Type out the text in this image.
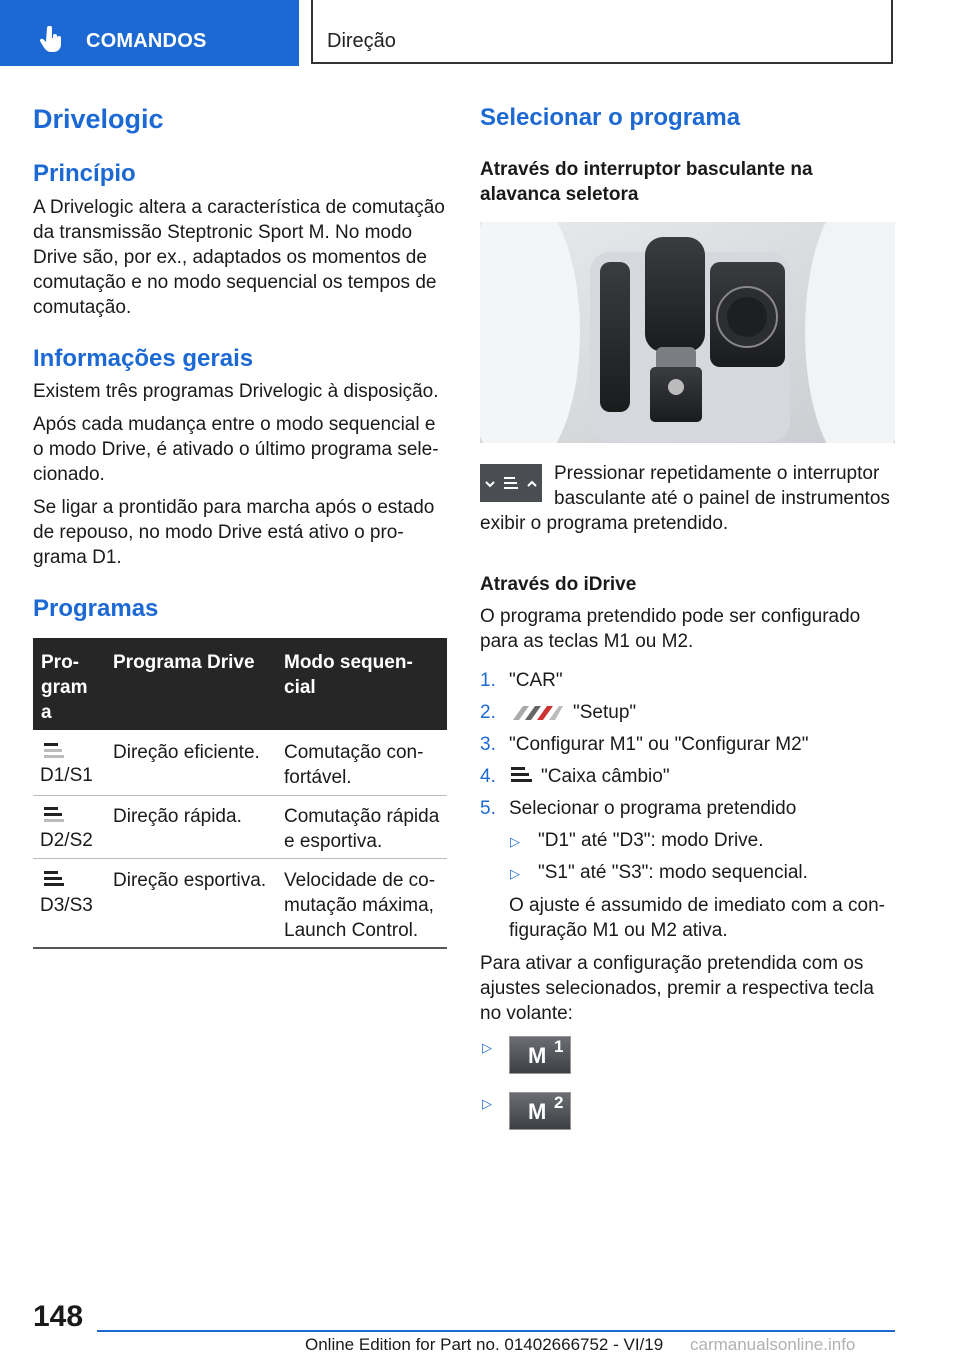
COMANDOS	Direção
Drivelogic
Princípio

A Drivelogic altera a característica de comutação

da transmissão Steptronic Sport M. No modo

Drive são, por ex., adaptados os momentos de

comutação e no modo sequencial os tempos de

comutação.

Informações gerais

Existem três programas Drivelogic à disposição.

Após cada mudança entre o modo sequencial e

o modo Drive, é ativado o último programa sele-

cionado.

Se ligar a prontidão para marcha após o estado

de repouso, no modo Drive está ativo o pro-

grama D1.

Programas
Pro-
gram
a
Programa Drive Modo sequen-
cial
D1/S1
Direção eficiente. Comutação con-
fortável.
D2/S2
Direção rápida. Comutação rápida
e esportiva.
D3/S3
Direção esportiva. Velocidade de co-
mutação máxima,
Launch Control.
Selecionar o programa

Através do interruptor basculante na

alavanca seletora

Pressionar repetidamente o interruptor

basculante até o painel de instrumentos

exibir o programa pretendido.

Através do iDrive

O programa pretendido pode ser configurado

para as teclas M1 ou M2.

1. "CAR"

2.	"Setup"

3. "Configurar M1" ou "Configurar M2"

4. "Caixa câmbio"

5. Selecionar o programa pretendido

▷ "D1" até "D3": modo Drive.

▷ "S1" até "S3": modo sequencial.

O ajuste é assumido de imediato com a con-

figuração M1 ou M2 ativa.

Para ativar a configuração pretendida com os

ajustes selecionados, premir a respectiva tecla

no volante:

▷ M 1
▷ M 2
148
Online Edition for Part no. 01402666752 - VI/19 carmanualsonline.info
